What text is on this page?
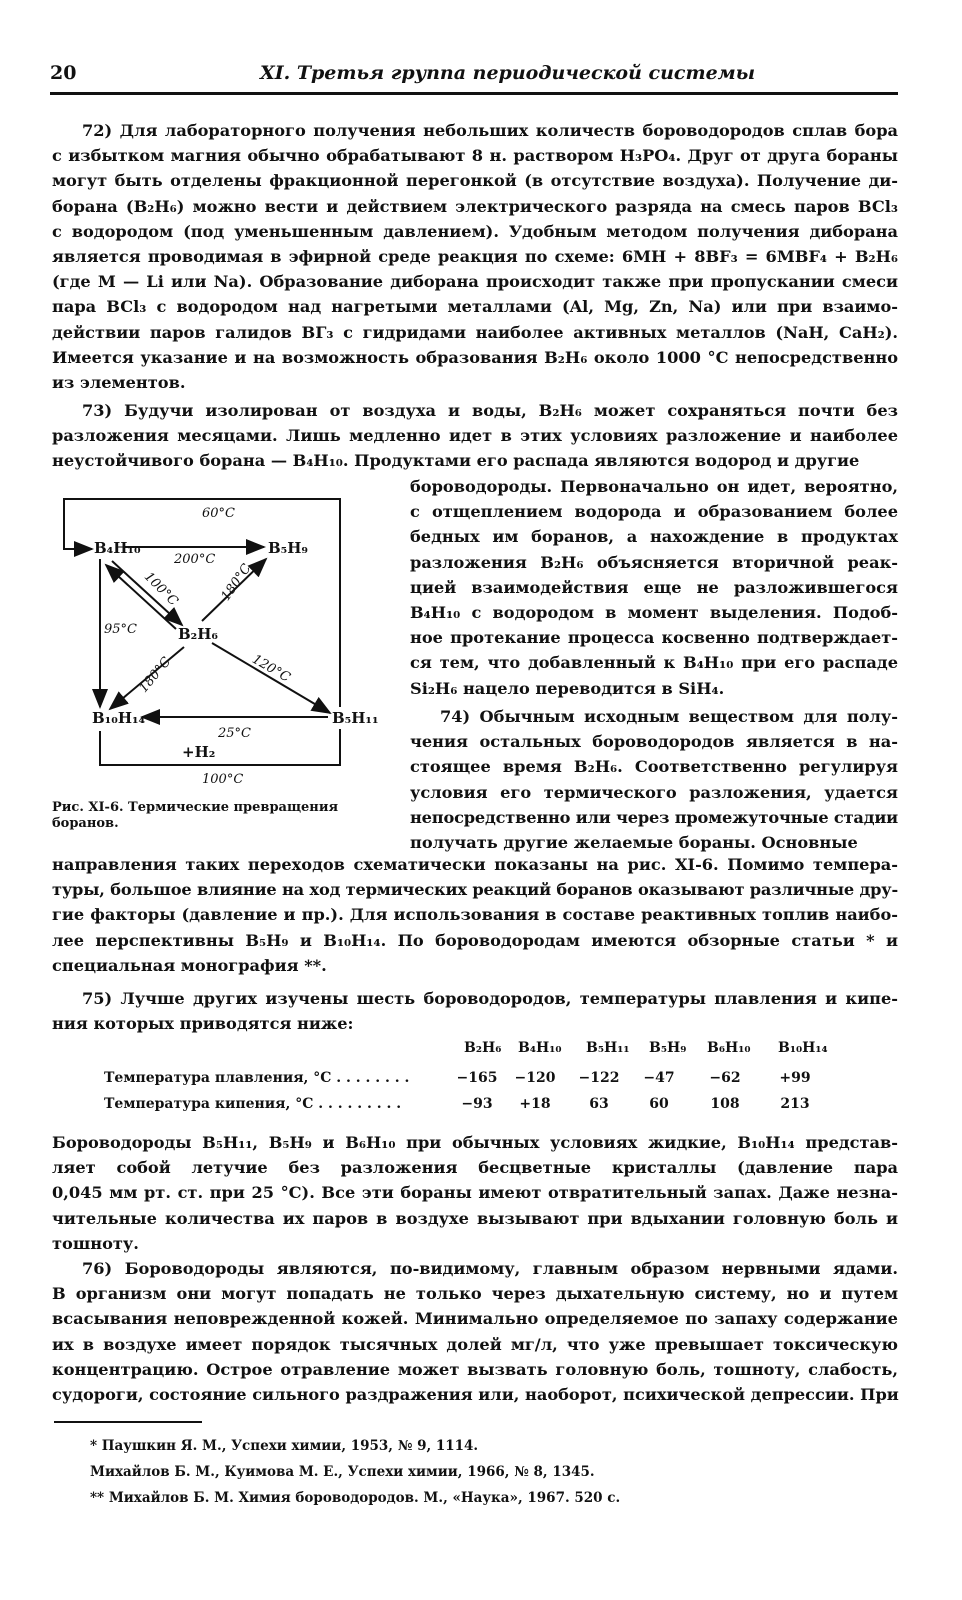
20	XI. Третья группа периодической системы
72) Для лабораторного получения небольших количеств бороводородов сплав бора
с избытком магния обычно обрабатывают 8 н. раствором H₃PO₄. Друг от друга бораны
могут быть отделены фракционной перегонкой (в отсутствие воздуха). Получение ди-
борана (B₂H₆) можно вести и действием электрического разряда на смесь паров BCl₃
с водородом (под уменьшенным давлением). Удобным методом получения диборана
является проводимая в эфирной среде реакция по схеме: 6MH + 8BF₃ = 6MBF₄ + B₂H₆
(где M — Li или Na). Образование диборана происходит также при пропускании смеси
пара BCl₃ с водородом над нагретыми металлами (Al, Mg, Zn, Na) или при взаимо-
действии паров галидов BГ₃ с гидридами наиболее активных металлов (NaH, CaH₂).
Имеется указание и на возможность образования B₂H₆ около 1000 °C непосредственно
из элементов.
73) Будучи изолирован от воздуха и воды, B₂H₆ может сохраняться почти без
разложения месяцами. Лишь медленно идет в этих условиях разложение и наиболее
неустойчивого борана — B₄H₁₀. Продуктами его распада являются водород и другие
бороводороды. Первоначально он идет, вероятно,
с отщеплением водорода и образованием более
бедных им боранов, а нахождение в продуктах
разложения B₂H₆ объясняется вторичной реак-
цией взаимодействия еще не разложившегося
B₄H₁₀ с водородом в момент выделения. Подоб-
ное протекание процесса косвенно подтверждает-
ся тем, что добавленный к B₄H₁₀ при его распаде
Si₂H₆ нацело переводится в SiH₄.
74) Обычным исходным веществом для полу-
чения остальных бороводородов является в на-
стоящее время B₂H₆. Соответственно регулируя
условия его термического разложения, удается
непосредственно или через промежуточные стадии
получать другие желаемые бораны. Основные
B₄H₁₀	B₅H₉
B₂H₆
B₁₀H₁₄	B₅H₁₁
60°C
200°C
95°C
100°C	180°C
180°C	120°C
25°C
+H₂
100°C
Рис. XI-6. Термические превращения боранов.
направления таких переходов схематически показаны на рис. XI-6. Помимо темпера-
туры, большое влияние на ход термических реакций боранов оказывают различные дру-
гие факторы (давление и пр.). Для использования в составе реактивных топлив наибо-
лее перспективны B₅H₉ и B₁₀H₁₄. По бороводородам имеются обзорные статьи * и
специальная монография **.
75) Лучше других изучены шесть бороводородов, температуры плавления и кипе-
ния которых приводятся ниже:
B₂H₆ B₄H₁₀ B₅H₁₁ B₅H₉ B₆H₁₀ B₁₀H₁₄
Температура плавления, °C . . . . . . . .	−165	−120	−122	−47	−62	+99
Температура кипения, °C . . . . . . . . .	−93	+18	63	60	108	213
Бороводороды B₅H₁₁, B₅H₉ и B₆H₁₀ при обычных условиях жидкие, B₁₀H₁₄ представ-
ляет собой летучие без разложения бесцветные кристаллы (давление пара
0,045 мм рт. ст. при 25 °C). Все эти бораны имеют отвратительный запах. Даже незна-
чительные количества их паров в воздухе вызывают при вдыхании головную боль и
тошноту.
76) Бороводороды являются, по-видимому, главным образом нервными ядами.
В организм они могут попадать не только через дыхательную систему, но и путем
всасывания неповрежденной кожей. Минимально определяемое по запаху содержание
их в воздухе имеет порядок тысячных долей мг/л, что уже превышает токсическую
концентрацию. Острое отравление может вызвать головную боль, тошноту, слабость,
судороги, состояние сильного раздражения или, наоборот, психической депрессии. При
* Паушкин Я. М., Успехи химии, 1953, № 9, 1114.
Михайлов Б. М., Куимова М. Е., Успехи химии, 1966, № 8, 1345.
** Михайлов Б. М. Химия бороводородов. М., «Наука», 1967. 520 с.
